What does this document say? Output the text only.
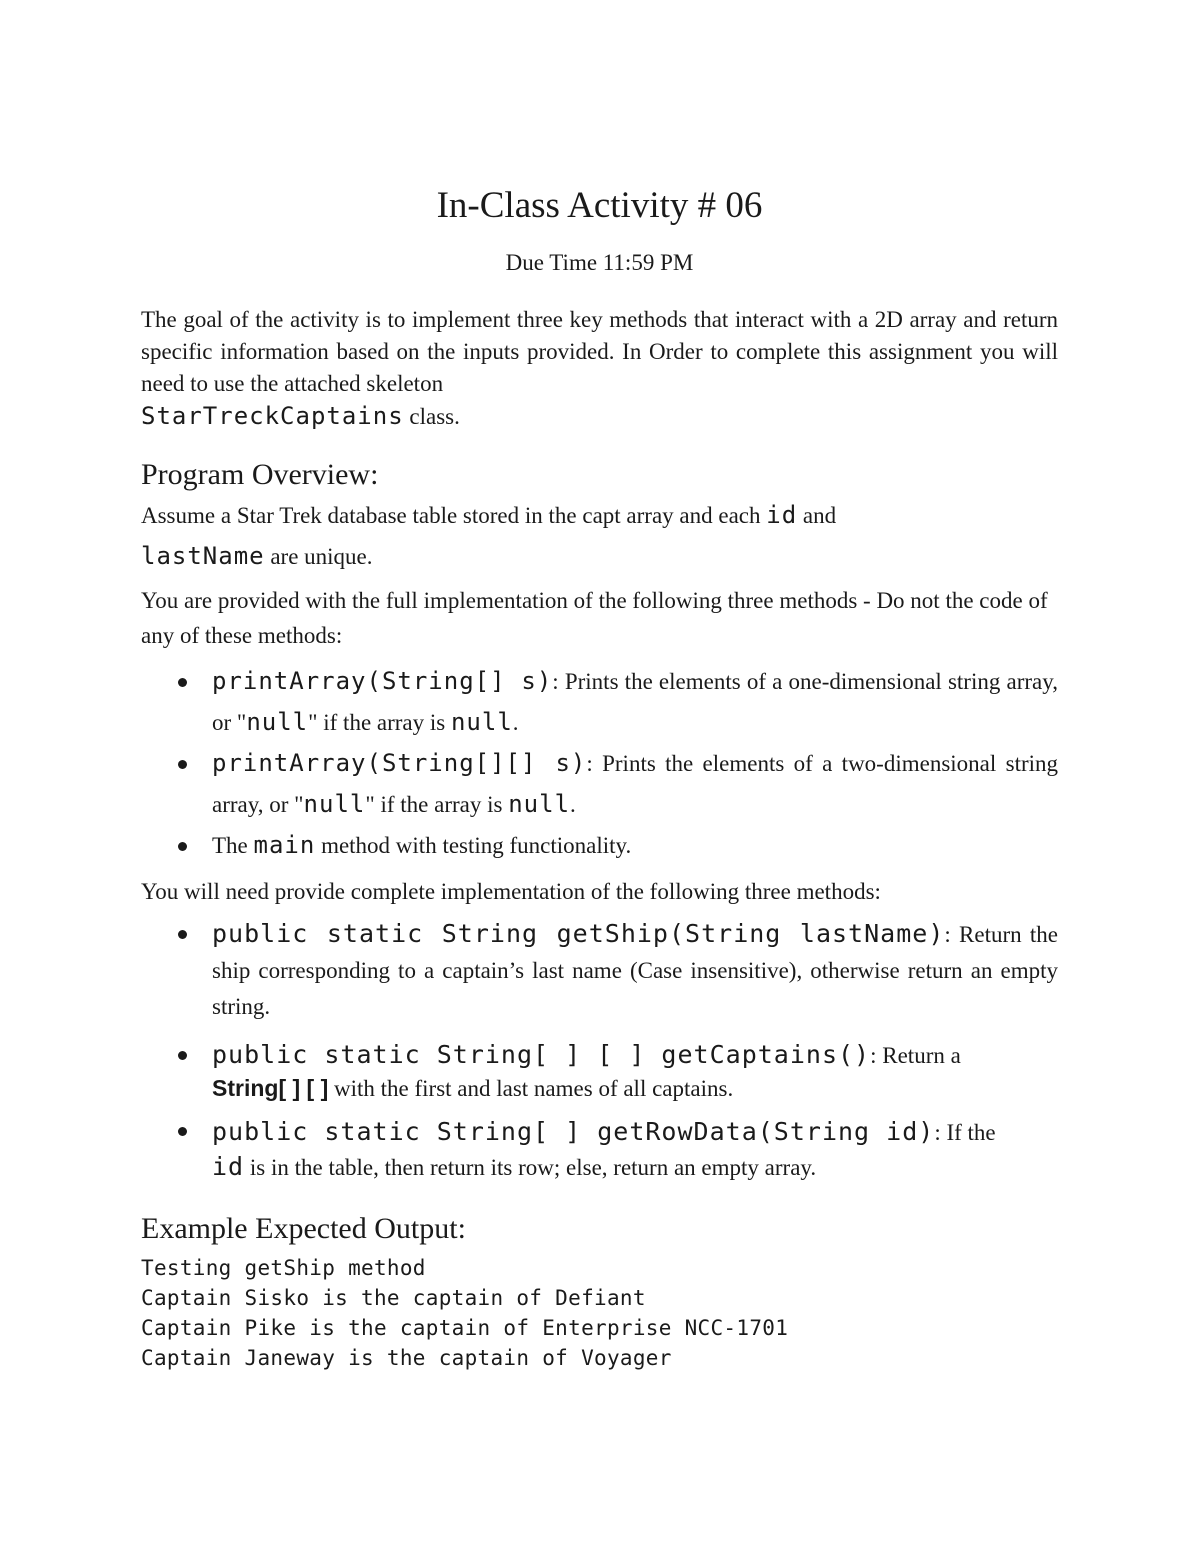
In-Class Activity # 06

Due Time 11:59 PM

The goal of the activity is to implement three key methods that interact with a 2D array and return specific information based on the inputs provided. In Order to complete this assignment you will need to use the attached skeleton
StarTreckCaptains class.

Program Overview:

Assume a Star Trek database table stored in the capt array and each id and
lastName are unique.

You are provided with the full implementation of the following three methods - Do not the code of any of these methods:

printArray(String[] s): Prints the elements of a one-dimensional string array, or "null" if the array is null.
printArray(String[][] s): Prints the elements of a two-dimensional string array, or "null" if the array is null.
The main method with testing functionality.

You will need provide complete implementation of the following three methods:

public static String getShip(String lastName): Return the ship corresponding to a captain’s last name (Case insensitive), otherwise return an empty string.
public static String[ ] [ ] getCaptains(): Return a
String[ ] [ ] with the first and last names of all captains.
public static String[ ] getRowData(String id): If the
id is in the table, then return its row; else, return an empty array.
Example Expected Output:
Testing getShip method
Captain Sisko is the captain of Defiant
Captain Pike is the captain of Enterprise NCC-1701
Captain Janeway is the captain of Voyager
